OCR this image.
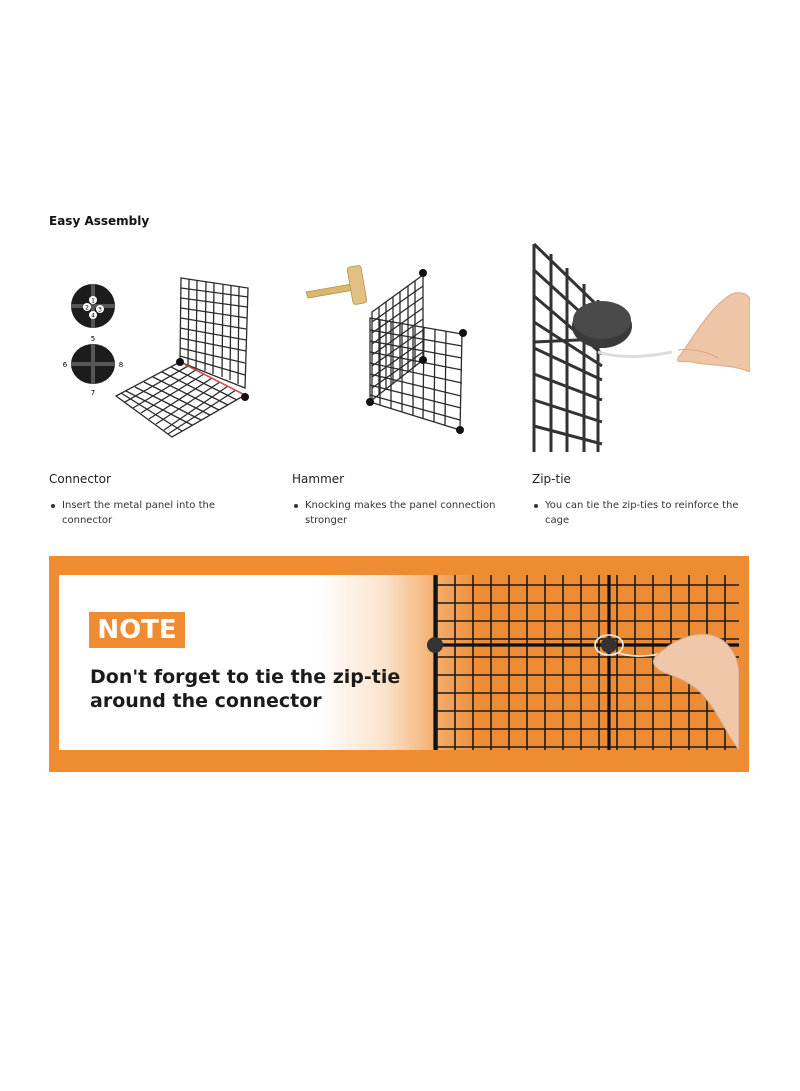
Easy Assembly
1
2 3
4
5
6
7
8
Connector
Insert the metal panel into the connector
Hammer
Knocking makes the panel connection stronger
Zip-tie
You can tie the zip-ties to reinforce the cage
NOTE
Don't forget to tie the zip-tie around the connector
